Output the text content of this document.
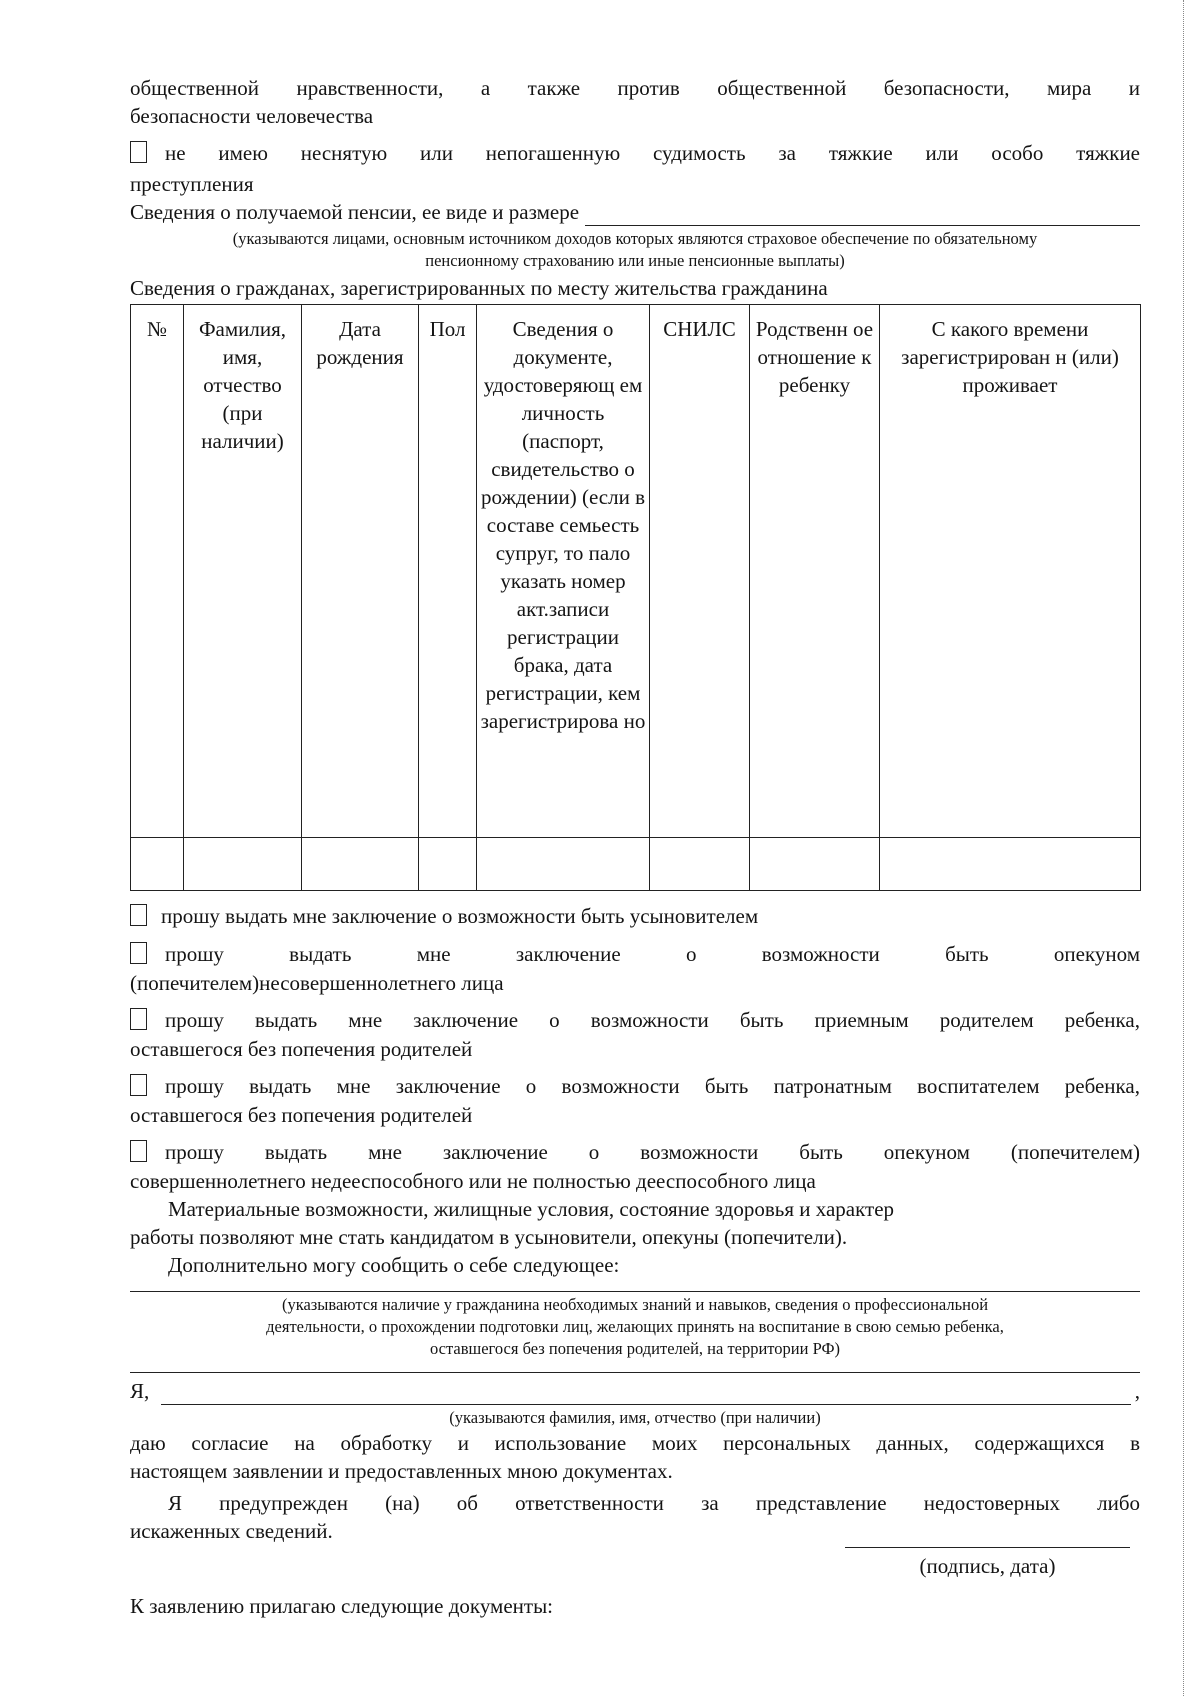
общественной нравственности, а также против общественной безопасности, мира и

безопасности человечества

не имею неснятую или непогашенную судимость за тяжкие или особо тяжкие

преступления

Сведения о получаемой пенсии, ее виде и размере

(указываются лицами, основным источником доходов которых являются страховое обеспечение по обязательному

пенсионному страхованию или иные пенсионные выплаты)

Сведения о гражданах, зарегистрированных по месту жительства гражданина

№	Фамилия, имя, отчество (при наличии)	Дата рождения	Пол	Сведения о документе, удостоверяющ ем личность (паспорт, свидетельство о рождении) (если в составе семьесть супруг, то пало указать номер акт.записи регистрации брака, дата регистрации, кем зарегистрирова но	СНИЛС	Родственн ое отношение к ребенку	С какого времени зарегистрирован н (или) проживает

прошу выдать мне заключение о возможности быть усыновителем

прошу выдать мне заключение о возможности быть опекуном

(попечителем)несовершеннолетнего лица

прошу выдать мне заключение о возможности быть приемным родителем ребенка,

оставшегося без попечения родителей

прошу выдать мне заключение о возможности быть патронатным воспитателем ребенка,

оставшегося без попечения родителей

прошу выдать мне заключение о возможности быть опекуном (попечителем)

совершеннолетнего недееспособного или не полностью дееспособного лица

Материальные возможности, жилищные условия, состояние здоровья и характер

работы позволяют мне стать кандидатом в усыновители, опекуны (попечители).

Дополнительно могу сообщить о себе следующее:

(указываются наличие у гражданина необходимых знаний и навыков, сведения о профессиональной

деятельности, о прохождении подготовки лиц, желающих принять на воспитание в свою семью ребенка,

оставшегося без попечения родителей, на территории РФ)

Я,	,

(указываются фамилия, имя, отчество (при наличии)

даю согласие на обработку и использование моих персональных данных, содержащихся в

настоящем заявлении и предоставленных мною документах.

Я предупрежден (на) об ответственности за представление недостоверных либо

искаженных сведений.

(подпись, дата)

К заявлению прилагаю следующие документы:
